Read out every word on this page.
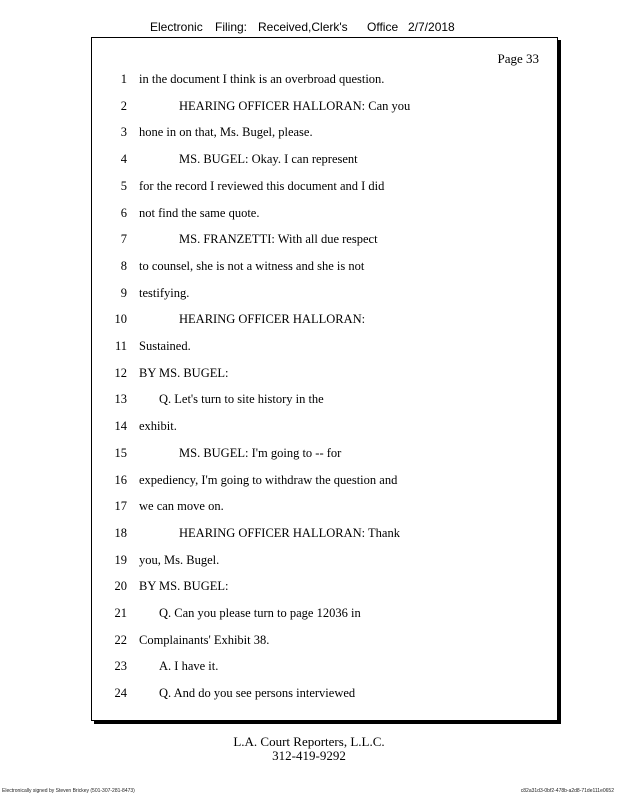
Electronic Filing: Received,Clerk's Office 2/7/2018
Page 33
1 in the document I think is an overbroad question.
2	HEARING OFFICER HALLORAN: Can you
3 hone in on that, Ms. Bugel, please.
4	MS. BUGEL: Okay. I can represent
5 for the record I reviewed this document and I did
6 not find the same quote.
7	MS. FRANZETTI: With all due respect
8 to counsel, she is not a witness and she is not
9 testifying.
10	HEARING OFFICER HALLORAN:
11 Sustained.
12 BY MS. BUGEL:
13	Q. Let's turn to site history in the
14 exhibit.
15	MS. BUGEL: I'm going to -- for
16 expediency, I'm going to withdraw the question and
17 we can move on.
18	HEARING OFFICER HALLORAN: Thank
19 you, Ms. Bugel.
20 BY MS. BUGEL:
21	Q. Can you please turn to page 12036 in
22 Complainants' Exhibit 38.
23	A. I have it.
24	Q. And do you see persons interviewed
L.A. Court Reporters, L.L.C.
312-419-9292
Electronically signed by Steven Brickey (501-307-281-8473)	c82a31d3-0bf2-478b-a2d8-71de111e0652
